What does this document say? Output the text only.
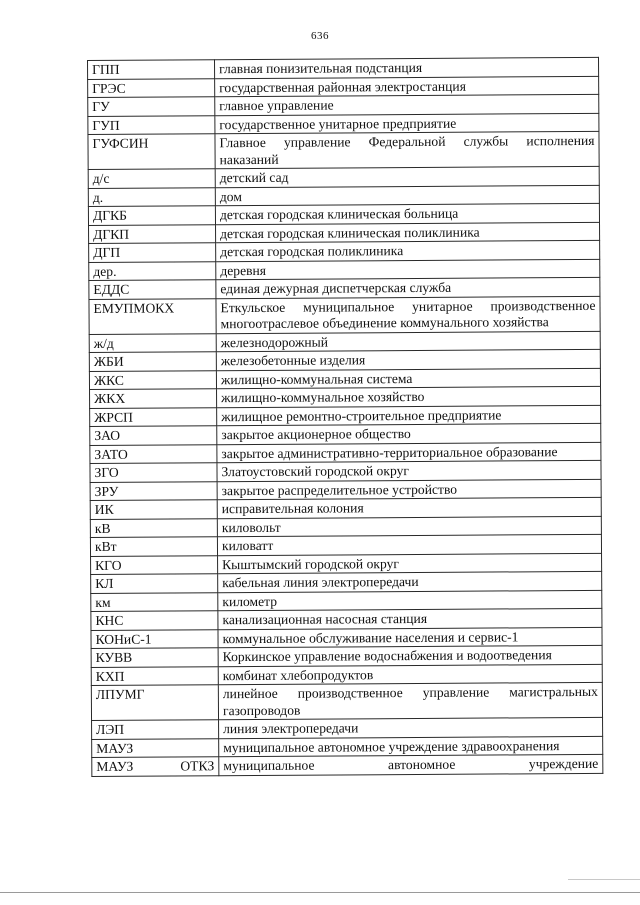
636
ГПП	главная понизительная подстанция
ГРЭС	государственная районная электростанция
ГУ	главное управление
ГУП	государственное унитарное предприятие
ГУФСИН	Главное управление Федеральной службы исполнения наказаний
д/с	детский сад
д.	дом
ДГКБ	детская городская клиническая больница
ДГКП	детская городская клиническая поликлиника
ДГП	детская городская поликлиника
дер.	деревня
ЕДДС	единая дежурная диспетчерская служба
ЕМУПМОКХ	Еткульское муниципальное унитарное производственное многоотраслевое объединение коммунального хозяйства
ж/д	железнодорожный
ЖБИ	железобетонные изделия
ЖКС	жилищно-коммунальная система
ЖКХ	жилищно-коммунальное хозяйство
ЖРСП	жилищное ремонтно-строительное предприятие
ЗАО	закрытое акционерное общество
ЗАТО	закрытое административно-территориальное образование
ЗГО	Златоустовский городской округ
ЗРУ	закрытое распределительное устройство
ИК	исправительная колония
кВ	киловольт
кВт	киловатт
КГО	Кыштымский городской округ
КЛ	кабельная линия электропередачи
км	километр
КНС	канализационная насосная станция
КОНиС-1	коммунальное обслуживание населения и сервис-1
КУВВ	Коркинское управление водоснабжения и водоотведения
КХП	комбинат хлебопродуктов
ЛПУМГ	линейное производственное управление магистральных газопроводов
ЛЭП	линия электропередачи
МАУЗ	муниципальное автономное учреждение здравоохранения
МАУЗ ОТКЗ	муниципальное автономное учреждение
